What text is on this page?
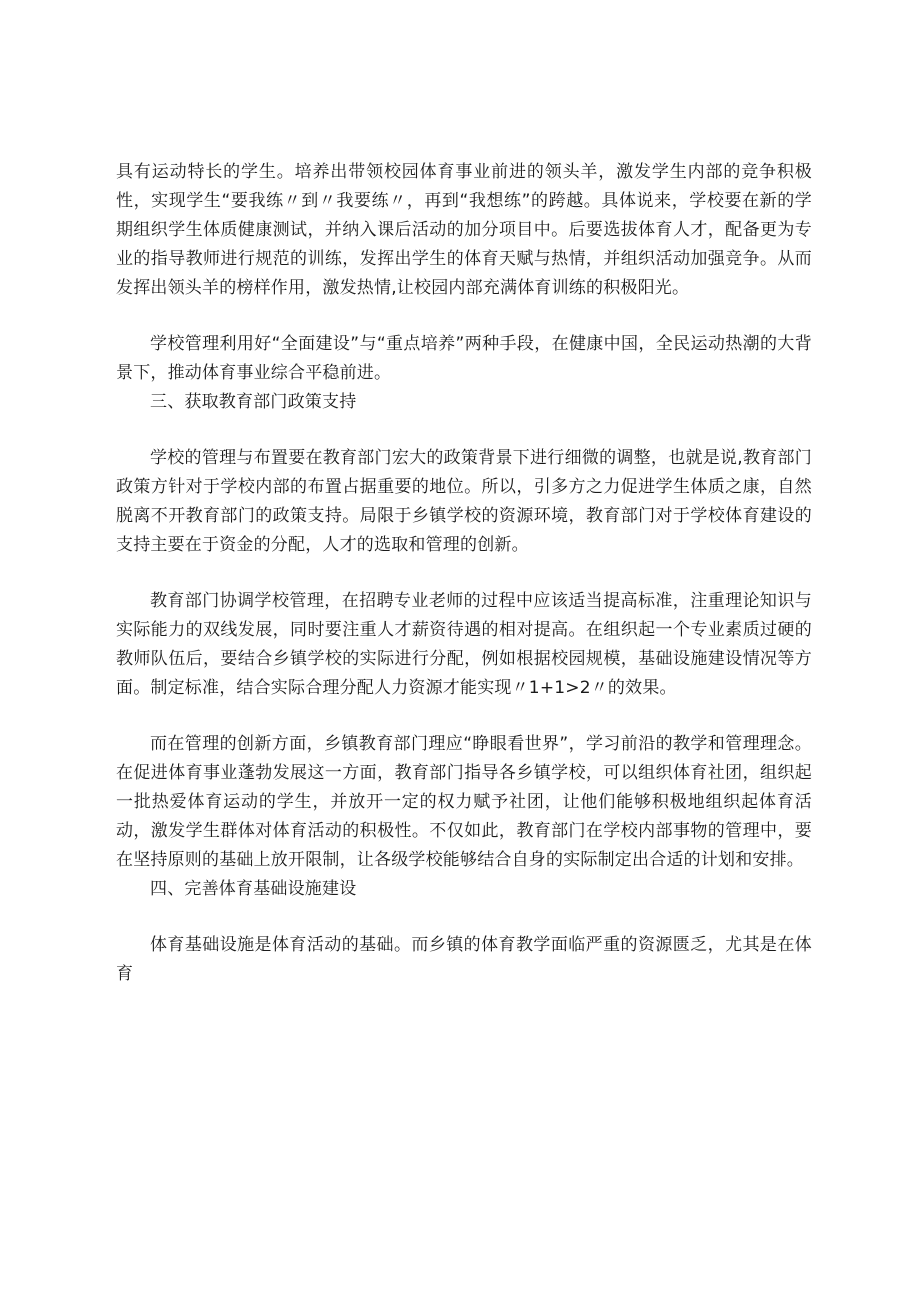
具有运动特长的学生。培养出带领校园体育事业前进的领头羊，激发学生内部的竞争积极性，实现学生“要我练〃到〃我要练〃，再到“我想练”的跨越。具体说来，学校要在新的学期组织学生体质健康测试，并纳入课后活动的加分项目中。后要选拔体育人才，配备更为专业的指导教师进行规范的训练，发挥出学生的体育天赋与热情，并组织活动加强竞争。从而发挥出领头羊的榜样作用，激发热情,让校园内部充满体育训练的积极阳光。

学校管理利用好“全面建设”与“重点培养”两种手段，在健康中国，全民运动热潮的大背景下，推动体育事业综合平稳前进。

三、获取教育部门政策支持

学校的管理与布置要在教育部门宏大的政策背景下进行细微的调整，也就是说,教育部门政策方针对于学校内部的布置占据重要的地位。所以，引多方之力促进学生体质之康，自然脱离不开教育部门的政策支持。局限于乡镇学校的资源环境，教育部门对于学校体育建设的支持主要在于资金的分配，人才的选取和管理的创新。

教育部门协调学校管理，在招聘专业老师的过程中应该适当提高标准，注重理论知识与实际能力的双线发展，同时要注重人才薪资待遇的相对提高。在组织起一个专业素质过硬的教师队伍后，要结合乡镇学校的实际进行分配，例如根据校园规模，基础设施建设情况等方面。制定标准，结合实际合理分配人力资源才能实现〃1+1>2〃的效果。

而在管理的创新方面，乡镇教育部门理应“睁眼看世界”，学习前沿的教学和管理理念。在促进体育事业蓬勃发展这一方面，教育部门指导各乡镇学校，可以组织体育社团，组织起一批热爱体育运动的学生，并放开一定的权力赋予社团，让他们能够积极地组织起体育活动，激发学生群体对体育活动的积极性。不仅如此，教育部门在学校内部事物的管理中，要在坚持原则的基础上放开限制，让各级学校能够结合自身的实际制定出合适的计划和安排。

四、完善体育基础设施建设

体育基础设施是体育活动的基础。而乡镇的体育教学面临严重的资源匮乏，尤其是在体育
